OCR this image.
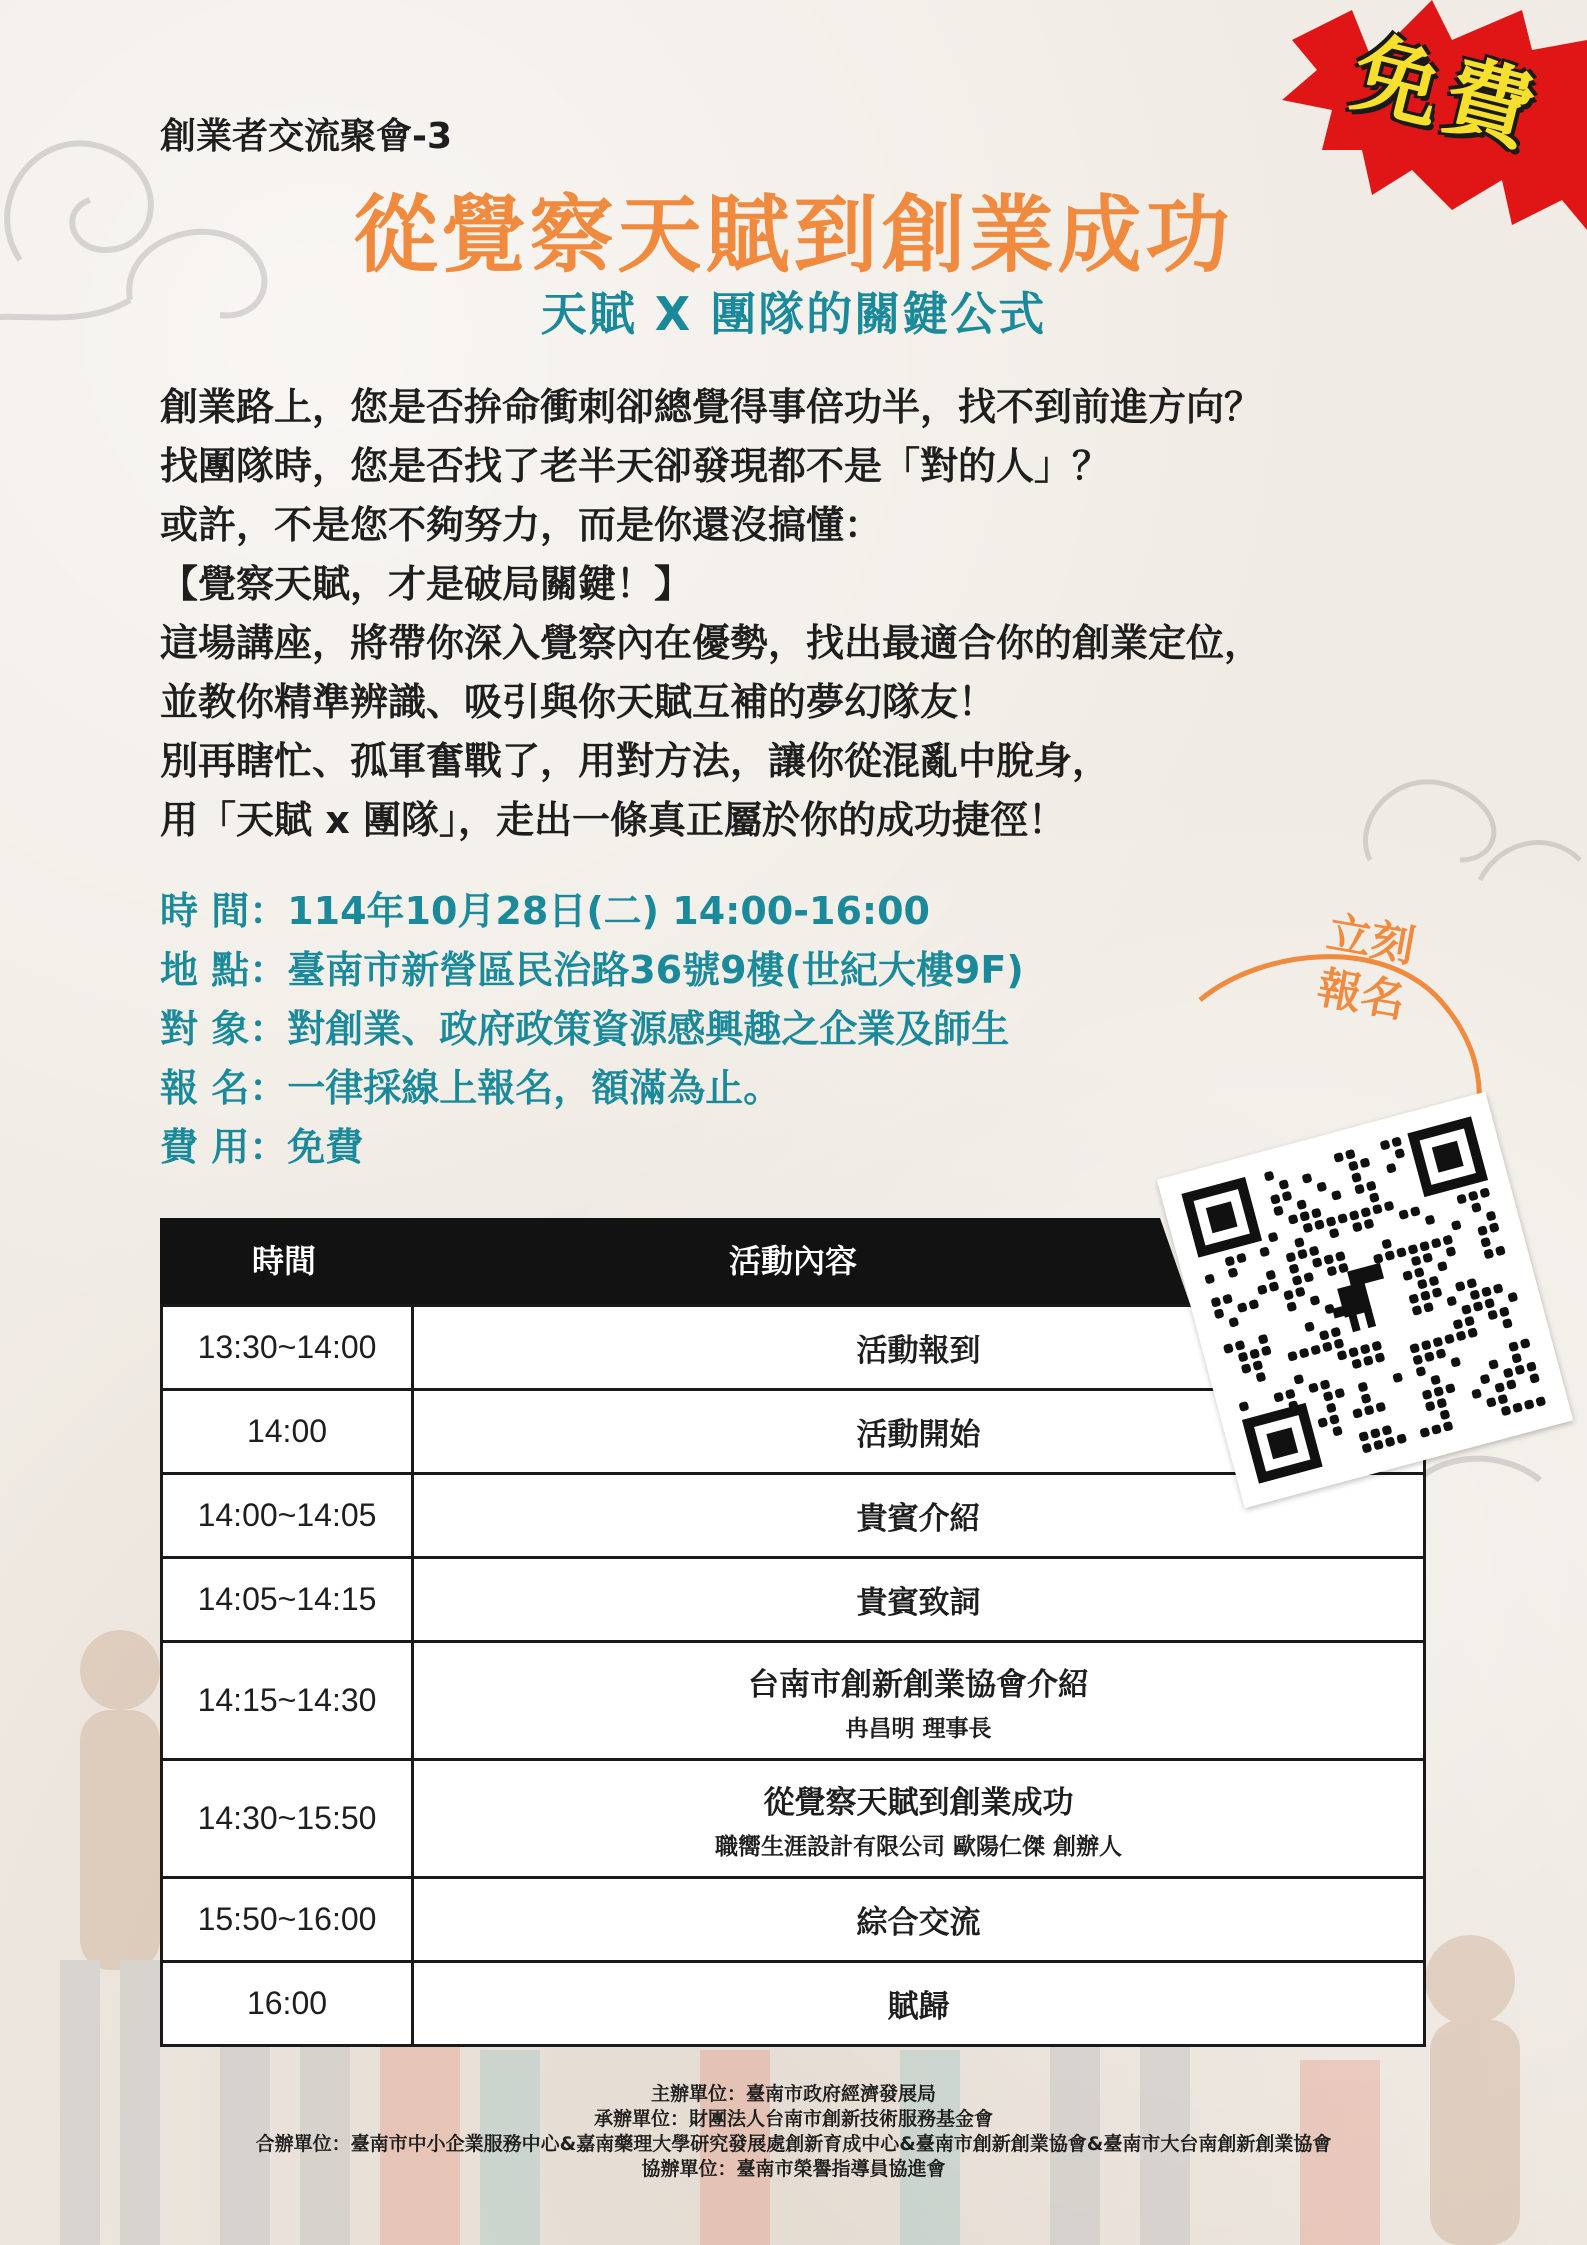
免費
創業者交流聚會-3
從覺察天賦到創業成功
天賦 X 團隊的關鍵公式
創業路上，您是否拚命衝刺卻總覺得事倍功半，找不到前進方向？
找團隊時，您是否找了老半天卻發現都不是「對的人」？
或許，不是您不夠努力，而是你還沒搞懂：
【覺察天賦，才是破局關鍵！】
這場講座，將帶你深入覺察內在優勢，找出最適合你的創業定位，
並教你精準辨識、吸引與你天賦互補的夢幻隊友！
別再瞎忙、孤軍奮戰了，用對方法，讓你從混亂中脫身，
用「天賦 x 團隊」，走出一條真正屬於你的成功捷徑！
時 間：114年10月28日(二) 14:00-16:00
地 點：臺南市新營區民治路36號9樓(世紀大樓9F)
對 象：對創業、政府政策資源感興趣之企業及師生
報 名：一律採線上報名，額滿為止。
費 用：免費
立刻
報名
時間	活動內容
13:30~14:00	活動報到
14:00	活動開始
14:00~14:05	貴賓介紹
14:05~14:15	貴賓致詞
14:15~14:30	台南市創新創業協會介紹
冉昌明 理事長

14:30~15:50	從覺察天賦到創業成功
職嚮生涯設計有限公司 歐陽仁傑 創辦人

15:50~16:00	綜合交流
16:00	賦歸
主辦單位：臺南市政府經濟發展局
承辦單位：財團法人台南市創新技術服務基金會
合辦單位：臺南市中小企業服務中心&嘉南藥理大學研究發展處創新育成中心&臺南市創新創業協會&臺南市大台南創新創業協會
協辦單位：臺南市榮譽指導員協進會
